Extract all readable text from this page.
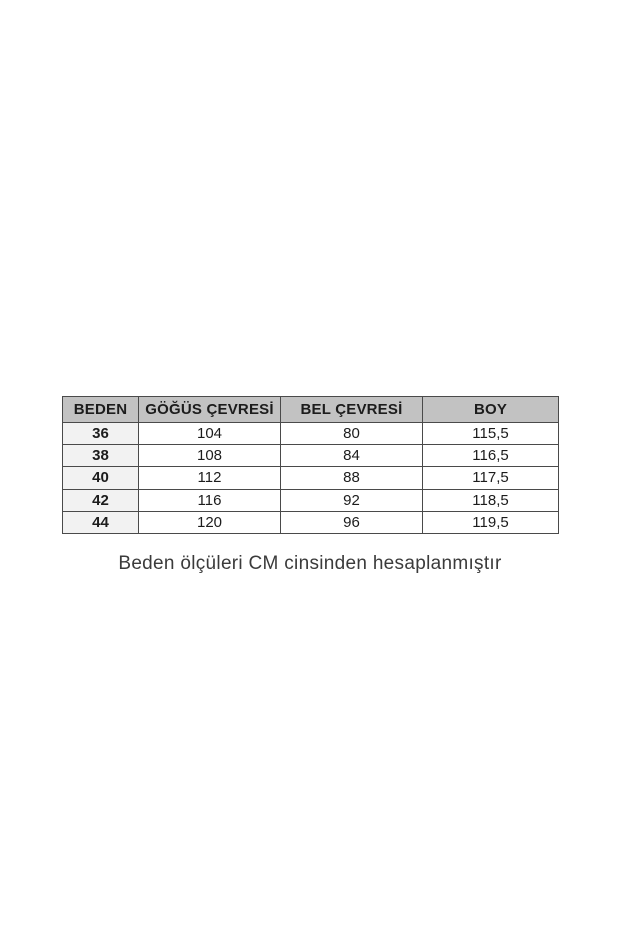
BEDEN	GÖĞÜS ÇEVRESİ	BEL ÇEVRESİ	BOY
36	104	80	115,5
38	108	84	116,5
40	112	88	117,5
42	116	92	118,5
44	120	96	119,5
Beden ölçüleri CM cinsinden hesaplanmıştır
